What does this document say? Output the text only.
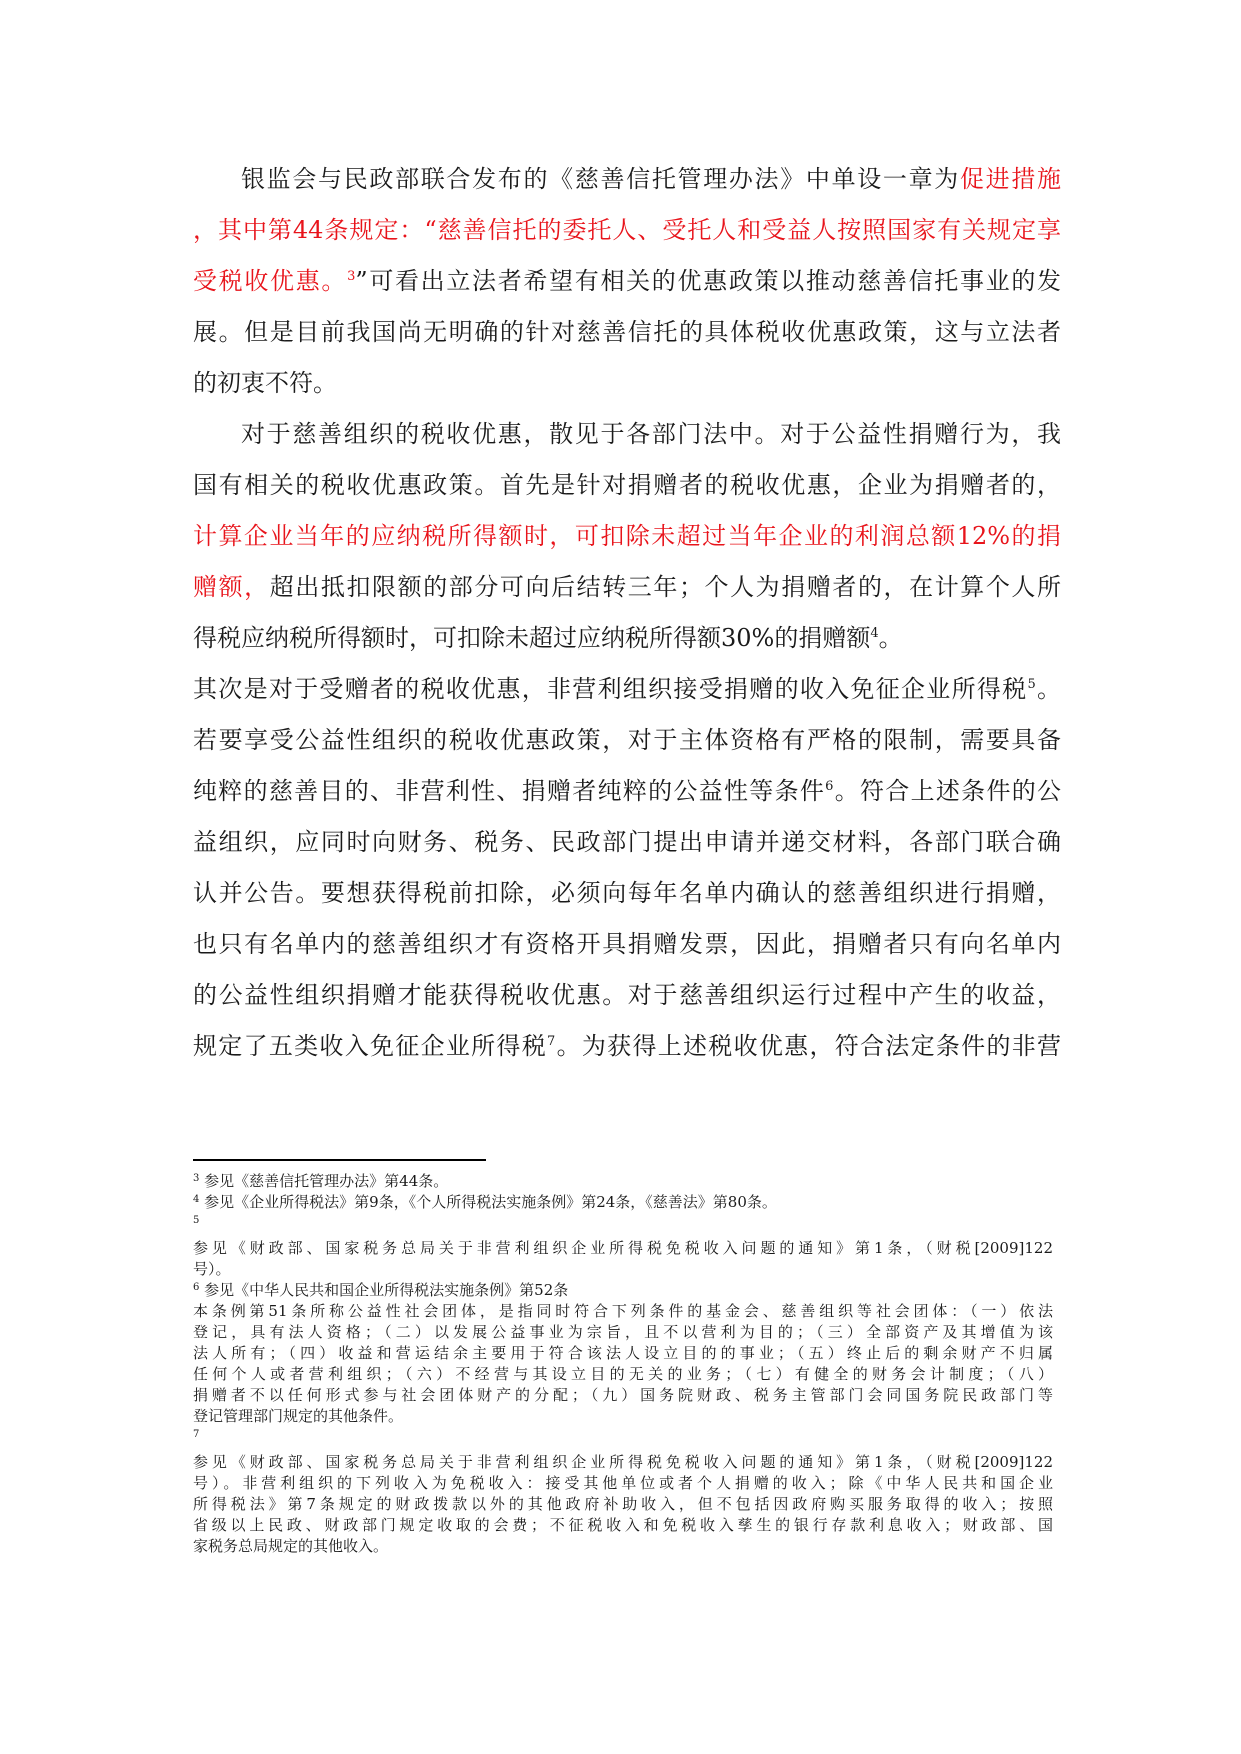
银监会与民政部联合发布的《慈善信托管理办法》中单设一章为促进措施
，其中第44条规定：“慈善信托的委托人、受托人和受益人按照国家有关规定享
受税收优惠。$^3$”可看出立法者希望有相关的优惠政策以推动慈善信托事业的发
展。但是目前我国尚无明确的针对慈善信托的具体税收优惠政策，这与立法者
的初衷不符。
对于慈善组织的税收优惠，散见于各部门法中。对于公益性捐赠行为，我
国有相关的税收优惠政策。首先是针对捐赠者的税收优惠，企业为捐赠者的，
计算企业当年的应纳税所得额时，可扣除未超过当年企业的利润总额12%的捐
赠额，超出抵扣限额的部分可向后结转三年；个人为捐赠者的，在计算个人所
得税应纳税所得额时，可扣除未超过应纳税所得额30%的捐赠额$^4$。
其次是对于受赠者的税收优惠，非营利组织接受捐赠的收入免征企业所得税$^5$。
若要享受公益性组织的税收优惠政策，对于主体资格有严格的限制，需要具备
纯粹的慈善目的、非营利性、捐赠者纯粹的公益性等条件$^6$。符合上述条件的公
益组织，应同时向财务、税务、民政部门提出申请并递交材料，各部门联合确
认并公告。要想获得税前扣除，必须向每年名单内确认的慈善组织进行捐赠，
也只有名单内的慈善组织才有资格开具捐赠发票，因此，捐赠者只有向名单内
的公益性组织捐赠才能获得税收优惠。对于慈善组织运行过程中产生的收益，
规定了五类收入免征企业所得税$^7$。为获得上述税收优惠，符合法定条件的非营
$^3$ 参见《慈善信托管理办法》第44条。
$^4$ 参见《企业所得税法》第9条，《个人所得税法实施条例》第24条，《慈善法》第80条。
$^5$
参见《财政部、国家税务总局关于非营利组织企业所得税免税收入问题的通知》第1条，（财税[2009]122
号）。
$^6$ 参见《中华人民共和国企业所得税法实施条例》第52条
本条例第51条所称公益性社会团体，是指同时符合下列条件的基金会、慈善组织等社会团体：（一）依法
登记，具有法人资格；（二）以发展公益事业为宗旨，且不以营利为目的；（三）全部资产及其增值为该
法人所有；（四）收益和营运结余主要用于符合该法人设立目的的事业；（五）终止后的剩余财产不归属
任何个人或者营利组织；（六）不经营与其设立目的无关的业务；（七）有健全的财务会计制度；（八）
捐赠者不以任何形式参与社会团体财产的分配；（九）国务院财政、税务主管部门会同国务院民政部门等
登记管理部门规定的其他条件。
$^7$
参见《财政部、国家税务总局关于非营利组织企业所得税免税收入问题的通知》第1条，（财税[2009]122
号）。非营利组织的下列收入为免税收入：接受其他单位或者个人捐赠的收入；除《中华人民共和国企业
所得税法》第7条规定的财政拨款以外的其他政府补助收入，但不包括因政府购买服务取得的收入；按照
省级以上民政、财政部门规定收取的会费；不征税收入和免税收入孳生的银行存款利息收入；财政部、国
家税务总局规定的其他收入。
